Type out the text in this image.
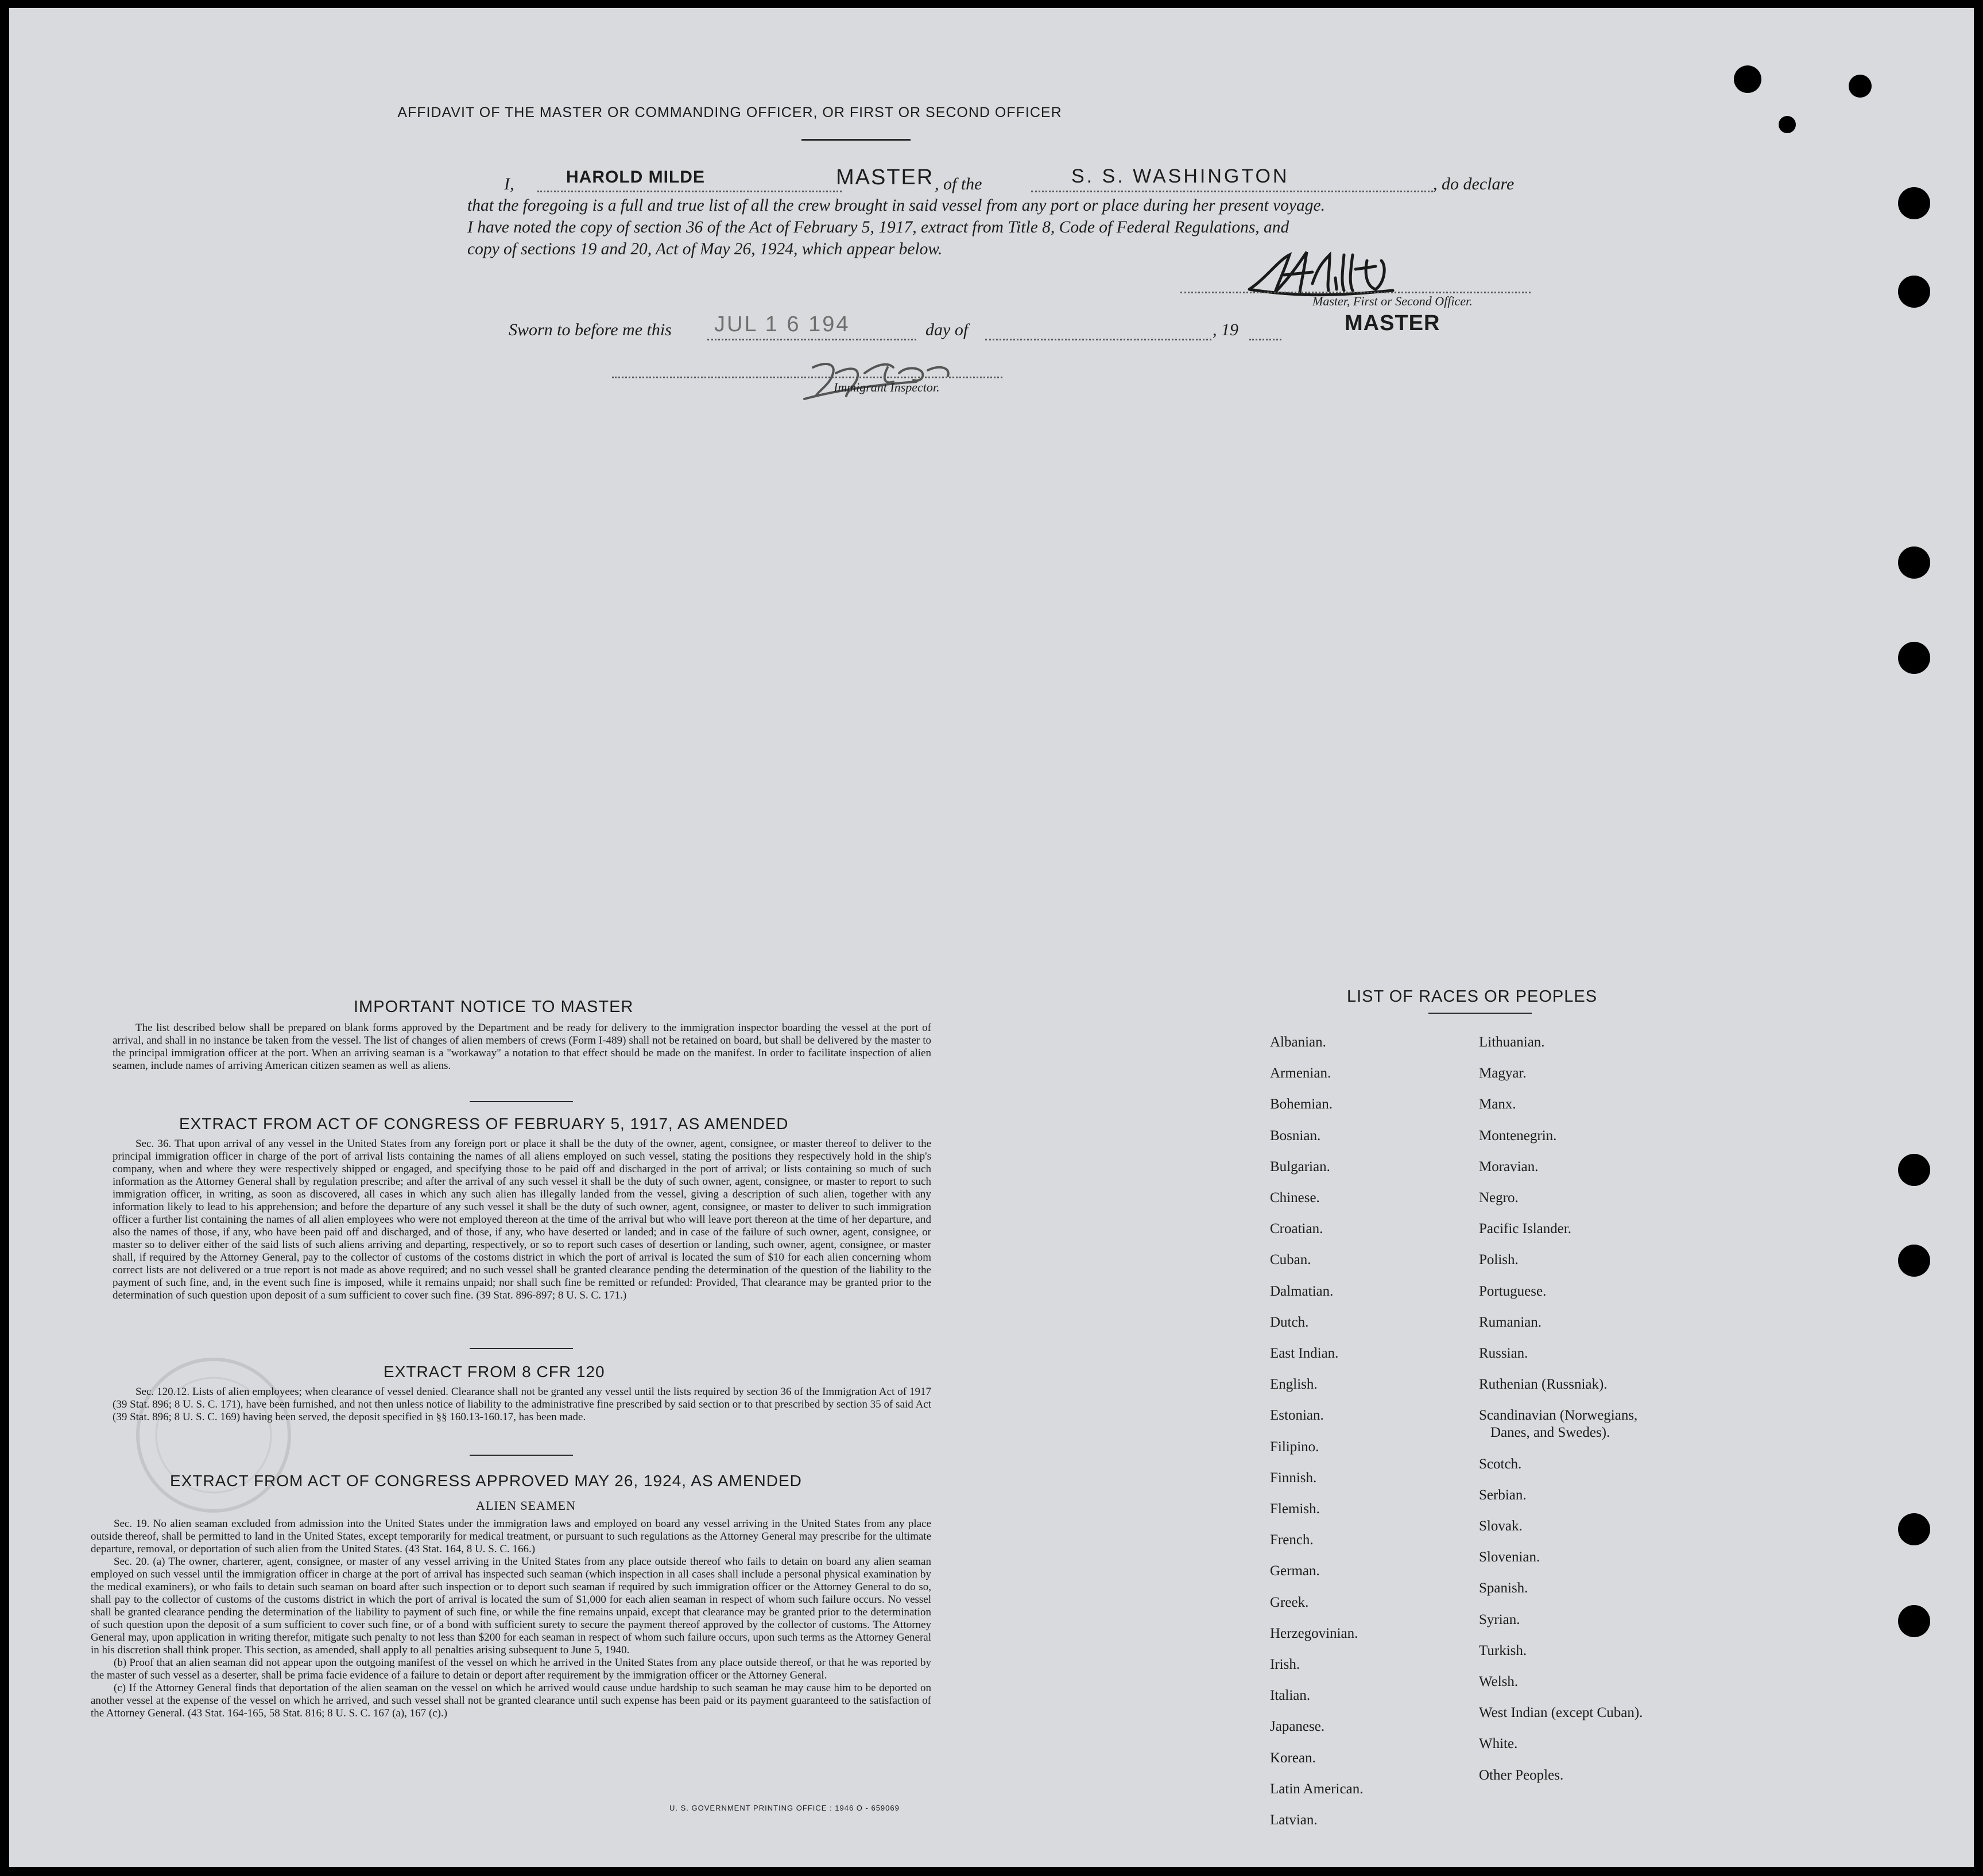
AFFIDAVIT OF THE MASTER OR COMMANDING OFFICER, OR FIRST OR SECOND OFFICER
I,	HAROLD MILDE	MASTER , of the	S. S. WASHINGTON	, do declare
that the foregoing is a full and true list of all the crew brought in said vessel from any port or place during her present voyage.
I have noted the copy of section 36 of the Act of February 5, 1917, extract from Title 8, Code of Federal Regulations, and
copy of sections 19 and 20, Act of May 26, 1924, which appear below.
Master, First or Second Officer.
MASTER
Sworn to before me this JUL 1 6 194	day of	, 19
Immigrant Inspector.
IMPORTANT NOTICE TO MASTER

The list described below shall be prepared on blank forms approved by the Department and be ready for delivery to the immigration inspector boarding the vessel at the port of arrival, and shall in no instance be taken from the vessel. The list of changes of alien members of crews (Form I-489) shall not be retained on board, but shall be delivered by the master to the principal immigration officer at the port. When an arriving seaman is a "workaway" a notation to that effect should be made on the manifest. In order to facilitate inspection of alien seamen, include names of arriving American citizen seamen as well as aliens.

EXTRACT FROM ACT OF CONGRESS OF FEBRUARY 5, 1917, AS AMENDED

Sec. 36. That upon arrival of any vessel in the United States from any foreign port or place it shall be the duty of the owner, agent, consignee, or master thereof to deliver to the principal immigration officer in charge of the port of arrival lists containing the names of all aliens employed on such vessel, stating the positions they respectively hold in the ship's company, when and where they were respectively shipped or engaged, and specifying those to be paid off and discharged in the port of arrival; or lists containing so much of such information as the Attorney General shall by regulation prescribe; and after the arrival of any such vessel it shall be the duty of such owner, agent, consignee, or master to report to such immigration officer, in writing, as soon as discovered, all cases in which any such alien has illegally landed from the vessel, giving a description of such alien, together with any information likely to lead to his apprehension; and before the departure of any such vessel it shall be the duty of such owner, agent, consignee, or master to deliver to such immigration officer a further list containing the names of all alien employees who were not employed thereon at the time of the arrival but who will leave port thereon at the time of her departure, and also the names of those, if any, who have been paid off and discharged, and of those, if any, who have deserted or landed; and in case of the failure of such owner, agent, consignee, or master so to deliver either of the said lists of such aliens arriving and departing, respectively, or so to report such cases of desertion or landing, such owner, agent, consignee, or master shall, if required by the Attorney General, pay to the collector of customs of the costoms district in which the port of arrival is located the sum of $10 for each alien concerning whom correct lists are not delivered or a true report is not made as above required; and no such vessel shall be granted clearance pending the determination of the question of the liability to the payment of such fine, and, in the event such fine is imposed, while it remains unpaid; nor shall such fine be remitted or refunded: Provided, That clearance may be granted prior to the determination of such question upon deposit of a sum sufficient to cover such fine. (39 Stat. 896-897; 8 U. S. C. 171.)

EXTRACT FROM 8 CFR 120

Sec. 120.12. Lists of alien employees; when clearance of vessel denied. Clearance shall not be granted any vessel until the lists required by section 36 of the Immigration Act of 1917 (39 Stat. 896; 8 U. S. C. 171), have been furnished, and not then unless notice of liability to the administrative fine prescribed by said section or to that prescribed by section 35 of said Act (39 Stat. 896; 8 U. S. C. 169) having been served, the deposit specified in §§ 160.13-160.17, has been made.

EXTRACT FROM ACT OF CONGRESS APPROVED MAY 26, 1924, AS AMENDED
ALIEN SEAMEN

Sec. 19. No alien seaman excluded from admission into the United States under the immigration laws and employed on board any vessel arriving in the United States from any place outside thereof, shall be permitted to land in the United States, except temporarily for medical treatment, or pursuant to such regulations as the Attorney General may prescribe for the ultimate departure, removal, or deportation of such alien from the United States. (43 Stat. 164, 8 U. S. C. 166.)

Sec. 20. (a) The owner, charterer, agent, consignee, or master of any vessel arriving in the United States from any place outside thereof who fails to detain on board any alien seaman employed on such vessel until the immigration officer in charge at the port of arrival has inspected such seaman (which inspection in all cases shall include a personal physical examination by the medical examiners), or who fails to detain such seaman on board after such inspection or to deport such seaman if required by such immigration officer or the Attorney General to do so, shall pay to the collector of customs of the customs district in which the port of arrival is located the sum of $1,000 for each alien seaman in respect of whom such failure occurs. No vessel shall be granted clearance pending the determination of the liability to payment of such fine, or while the fine remains unpaid, except that clearance may be granted prior to the determination of such question upon the deposit of a sum sufficient to cover such fine, or of a bond with sufficient surety to secure the payment thereof approved by the collector of customs. The Attorney General may, upon application in writing therefor, mitigate such penalty to not less than $200 for each seaman in respect of whom such failure occurs, upon such terms as the Attorney General in his discretion shall think proper. This section, as amended, shall apply to all penalties arising subsequent to June 5, 1940.

(b) Proof that an alien seaman did not appear upon the outgoing manifest of the vessel on which he arrived in the United States from any place outside thereof, or that he was reported by the master of such vessel as a deserter, shall be prima facie evidence of a failure to detain or deport after requirement by the immigration officer or the Attorney General.

(c) If the Attorney General finds that deportation of the alien seaman on the vessel on which he arrived would cause undue hardship to such seaman he may cause him to be deported on another vessel at the expense of the vessel on which he arrived, and such vessel shall not be granted clearance until such expense has been paid or its payment guaranteed to the satisfaction of the Attorney General. (43 Stat. 164-165, 58 Stat. 816; 8 U. S. C. 167 (a), 167 (c).)

U. S. GOVERNMENT PRINTING OFFICE : 1946 O - 659069
LIST OF RACES OR PEOPLES
Albanian.
Armenian.
Bohemian.
Bosnian.
Bulgarian.
Chinese.
Croatian.
Cuban.
Dalmatian.
Dutch.
East Indian.
English.
Estonian.
Filipino.
Finnish.
Flemish.
French.
German.
Greek.
Herzegovinian.
Irish.
Italian.
Japanese.
Korean.
Latin American.
Latvian.
Lithuanian.
Magyar.
Manx.
Montenegrin.
Moravian.
Negro.
Pacific Islander.
Polish.
Portuguese.
Rumanian.
Russian.
Ruthenian (Russniak).
Scandinavian (Norwegians,
Danes, and Swedes).
Scotch.
Serbian.
Slovak.
Slovenian.
Spanish.
Syrian.
Turkish.
Welsh.
West Indian (except Cuban).
White.
Other Peoples.
